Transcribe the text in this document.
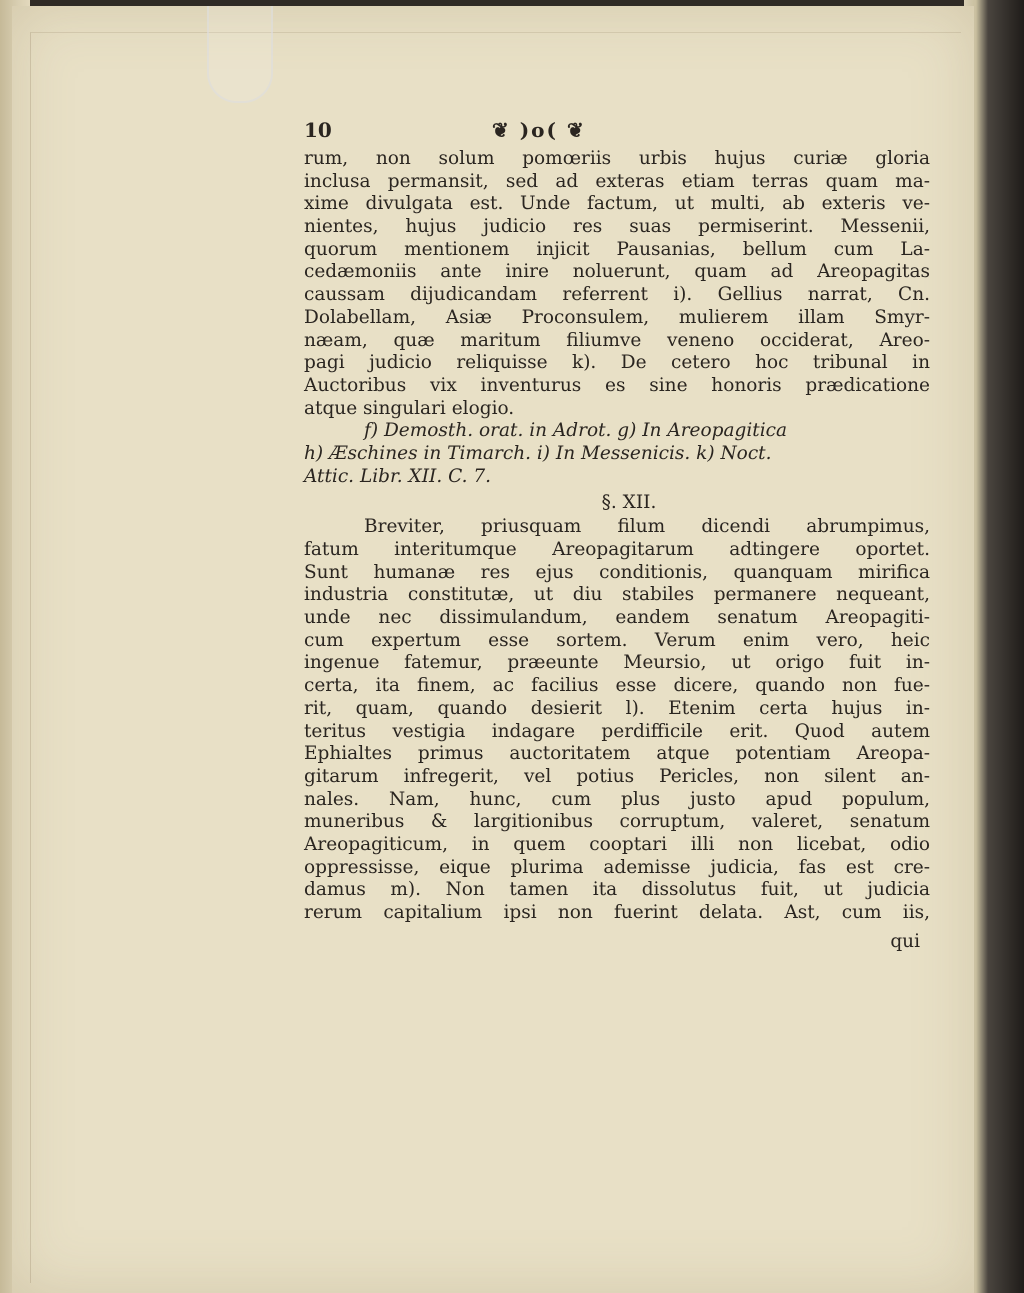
10	❦ )o( ❦
rum, non solum pomœriis urbis hujus curiæ gloria
inclusa permansit, sed ad exteras etiam terras quam ma-
xime divulgata est. Unde factum, ut multi, ab exteris ve-
nientes, hujus judicio res suas permiserint. Messenii,
quorum mentionem injicit Pausanias, bellum cum La-
cedæmoniis ante inire noluerunt, quam ad Areopagitas
caussam dijudicandam referrent i). Gellius narrat, Cn.
Dolabellam, Asiæ Proconsulem, mulierem illam Smyr-
næam, quæ maritum filiumve veneno occiderat, Areo-
pagi judicio reliquisse k). De cetero hoc tribunal in
Auctoribus vix inventurus es sine honoris prædicatione
atque singulari elogio.
f) Demosth. orat. in Adrot. g) In Areopagitica
h) Æschines in Timarch. i) In Messenicis. k) Noct.
Attic. Libr. XII. C. 7.
§. XII.
Breviter, priusquam filum dicendi abrumpimus,
fatum interitumque Areopagitarum adtingere oportet.
Sunt humanæ res ejus conditionis, quanquam mirifica
industria constitutæ, ut diu stabiles permanere nequeant,
unde nec dissimulandum, eandem senatum Areopagiti-
cum expertum esse sortem. Verum enim vero, heic
ingenue fatemur, præeunte Meursio, ut origo fuit in-
certa, ita finem, ac facilius esse dicere, quando non fue-
rit, quam, quando desierit l). Etenim certa hujus in-
teritus vestigia indagare perdifficile erit. Quod autem
Ephialtes primus auctoritatem atque potentiam Areopa-
gitarum infregerit, vel potius Pericles, non silent an-
nales. Nam, hunc, cum plus justo apud populum,
muneribus & largitionibus corruptum, valeret, senatum
Areopagiticum, in quem cooptari illi non licebat, odio
oppressisse, eique plurima ademisse judicia, fas est cre-
damus m). Non tamen ita dissolutus fuit, ut judicia
rerum capitalium ipsi non fuerint delata. Ast, cum iis,
qui
